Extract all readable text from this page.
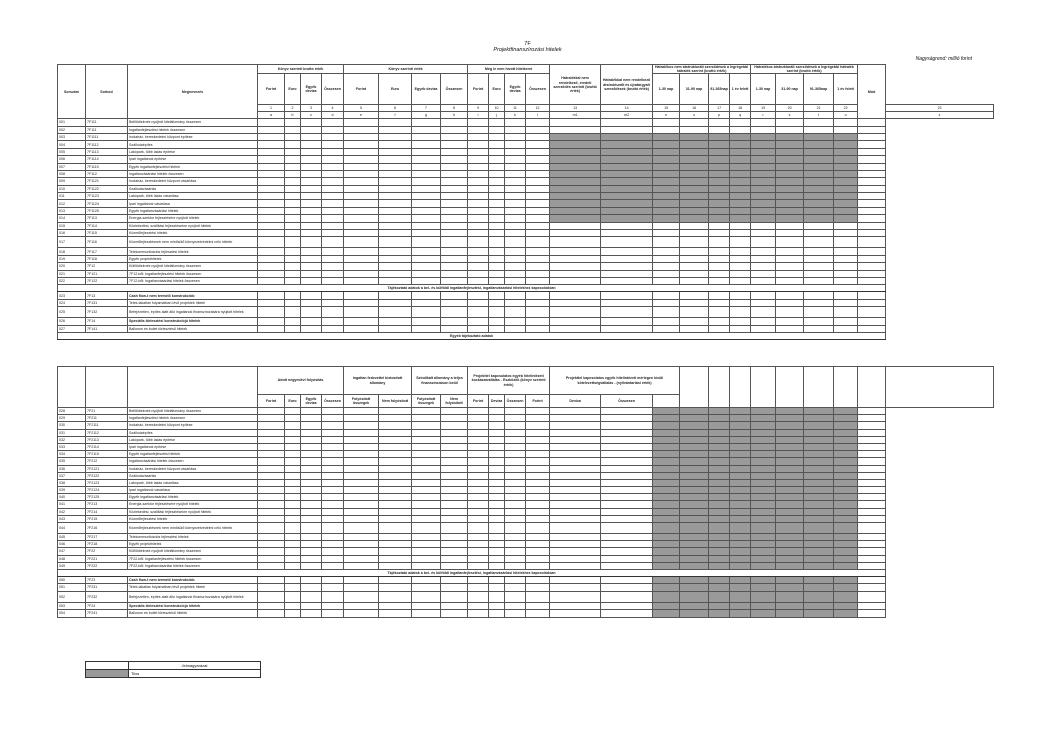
7F
Projektfinanszírozási hitelek
Nagyságrend: millió forint
Sorszám	Sorkód	Megnevezés	Könyv szerinti bruttó érték				Könyv szerinti érték				Még le nem hívott hitelkeret				Hátralékkal nem rendelkező, eredeti szerződés szerinti (bruttó érték)	Hátralékkal nem rendelkező átstrukturált és újratárgyalt szerződések (bruttó érték)	Hátralékos nem átstrukturált szerződések a legrégebbi hátralék szerint (bruttó érték)				Hátralékos átstrukturált szerződések a legrégebbi hátralék szerint (bruttó érték)				Mód	
			Forint	Euro	Egyéb deviza	Összesen	Forint	Euro	Egyéb deviza	Összesen	Forint	Euro	Egyéb deviza	Összesen			1-30 nap	31-90 nap	91-365nap	1 év felett	1-30 nap	31-90 nap	91-365nap	1 év felett		
			1	2	3	4	5	6	7	8	9	10	11	12	13	14	15	16	17	18	19	20	21	22		23
			a	b	c	d	e	f	g	h	i	j	k	l	m1	m2	n	o	p	q	r	s	t	u		z
001	7F111	Belföldieknek nyújtott hitelállomány összesen																								
002	7F111	Ingatlanfejlesztési hitelek összesen																								
003	7F1111	Irodaház, kereskedelmi központ építése																								
004	7F1112	Szállodaépítés																								
005	7F1113	Lakópark, több lakás építése																								
006	7F1114	Ipari ingatlanok építése																								
007	7F1115	Egyéb ingatlanfejlesztési hitelek																								
008	7F112	Ingatlanvásárlási hitelek összesen																								
009	7F1121	Irodaház, kereskedelmi központ vásárlása																								
010	7F1122	Szállodavásárlás																								
011	7F1123	Lakópark, több lakás vásárlása																								
012	7F1124	Ipari ingatlanok vásárlása																								
013	7F1125	Egyéb ingatlanvásárlási hitelek																								
014	7F113	Energia-szektor fejlesztésére nyújtott hitelek																								
015	7F114	Közlekedési, szállítási fejlesztésekre nyújtott hitelek																								
016	7F115	Közműfejlesztési hitelek																								
017	7F116	Közműfejlesztésnek nem minősülő környezetvédelmi célú hitelek																								
018	7F117	Telekommunikációs fejlesztési hitelek																								
019	7F118	Egyéb projekthitelek																								
020	7F12	Külföldieknek nyújtott hitelállomány összesen																								
021	7F121	7F12-ből: Ingatlanfejlesztési hitelek összesen																								
022	7F122	7F12-ből: Ingatlanvásárlási hitelek összesen																								
Tájékoztató adatok a bel- és külföldi ingatlanfejlesztési, ingatlanvásárlási hitelekhez kapcsolódóan																										
023	7F13	Cash flow-t nem termelő konstrukciók:																								
024	7F131	Telek-lakatlan folyamatban lévő projektek hitelei																								
025	7F132	Befejezetlen, építés alatt álló ingatlanok finanszírozására nyújtott hitelek																								
026	7F14	Speciális törlesztési konstrukciójú hitelek																								
027	7F141	Ballonon és buliet törlesztésű hitelek																								
Egyéb tájékoztató adatok																										
			Adott negyedévi folyósítás				Ingatlan fedezettel biztosított állomány		Szindikált állomány a teljes finanszírozáson belül		Projekttel kapcsolatos egyéb hitelintézeti kockázatvállalás - Eszközök (könyv szerinti érték)				Projekttel kapcsolatos egyéb hitelintézeti mérlegen kívüli kötelezettségvállalás - (nyilvántartási érték)											
			Forint	Euro	Egyéb deviza	Összesen	Folyósított összegek	Nem folyósított	Folyósított összegek	Nem folyósított	Forint	Deviza	Összesen	Forint	Deviza	Összesen										
028	7F21	Belföldieknek nyújtott hitelállomány összesen																								
029	7F211	Ingatlanfejlesztési hitelek összesen																								
030	7F2111	Irodaház, kereskedelmi központ építése																								
031	7F2112	Szállodaépítés																								
032	7F2113	Lakópark, több lakás építése																								
033	7F2114	Ipari ingatlanok építése																								
034	7F2115	Egyéb ingatlanfejlesztési hitelek																								
035	7F212	Ingatlanvásárlási hitelek összesen																								
036	7F2121	Irodaház, kereskedelmi központ vásárlása																								
037	7F2122	Szállodavásárlás																								
038	7F2123	Lakópark, több lakás vásárlása																								
039	7F2124	Ipari ingatlanok vásárlása																								
040	7F2125	Egyéb ingatlanvásárlási hitelek																								
041	7F213	Energia-szektor fejlesztésére nyújtott hitelek																								
042	7F214	Közlekedési, szállítási fejlesztésekre nyújtott hitelek																								
043	7F215	Közműfejlesztési hitelek																								
044	7F216	Közműfejlesztésnek nem minősülő környezetvédelmi célú hitelek																								
045	7F217	Telekommunikációs fejlesztési hitelek																								
046	7F218	Egyéb projekthitelek																								
047	7F22	Külföldieknek nyújtott hitelállomány összesen																								
048	7F221	7F22-ből: Ingatlanfejlesztési hitelek összesen																								
049	7F222	7F22-ből: Ingatlanvásárlási hitelek összesen																								
Tájékoztató adatok a bel- és külföldi ingatlanfejlesztési, ingatlanvásárlási hitelekhez kapcsolódóan																										
050	7F23	Cash flow-t nem termelő konstrukciók:																								
051	7F231	Telek-lakatlan folyamatban lévő projektek hitelei																								
052	7F232	Befejezetlen, építés alatt álló ingatlanok finanszírozására nyújtott hitelek																								
053	7F24	Speciális törlesztési konstrukciójú hitelek																								
054	7F241	Ballonon és buliet törlesztésű hitelek																								
	Jelmagyarázat
	Tilos
